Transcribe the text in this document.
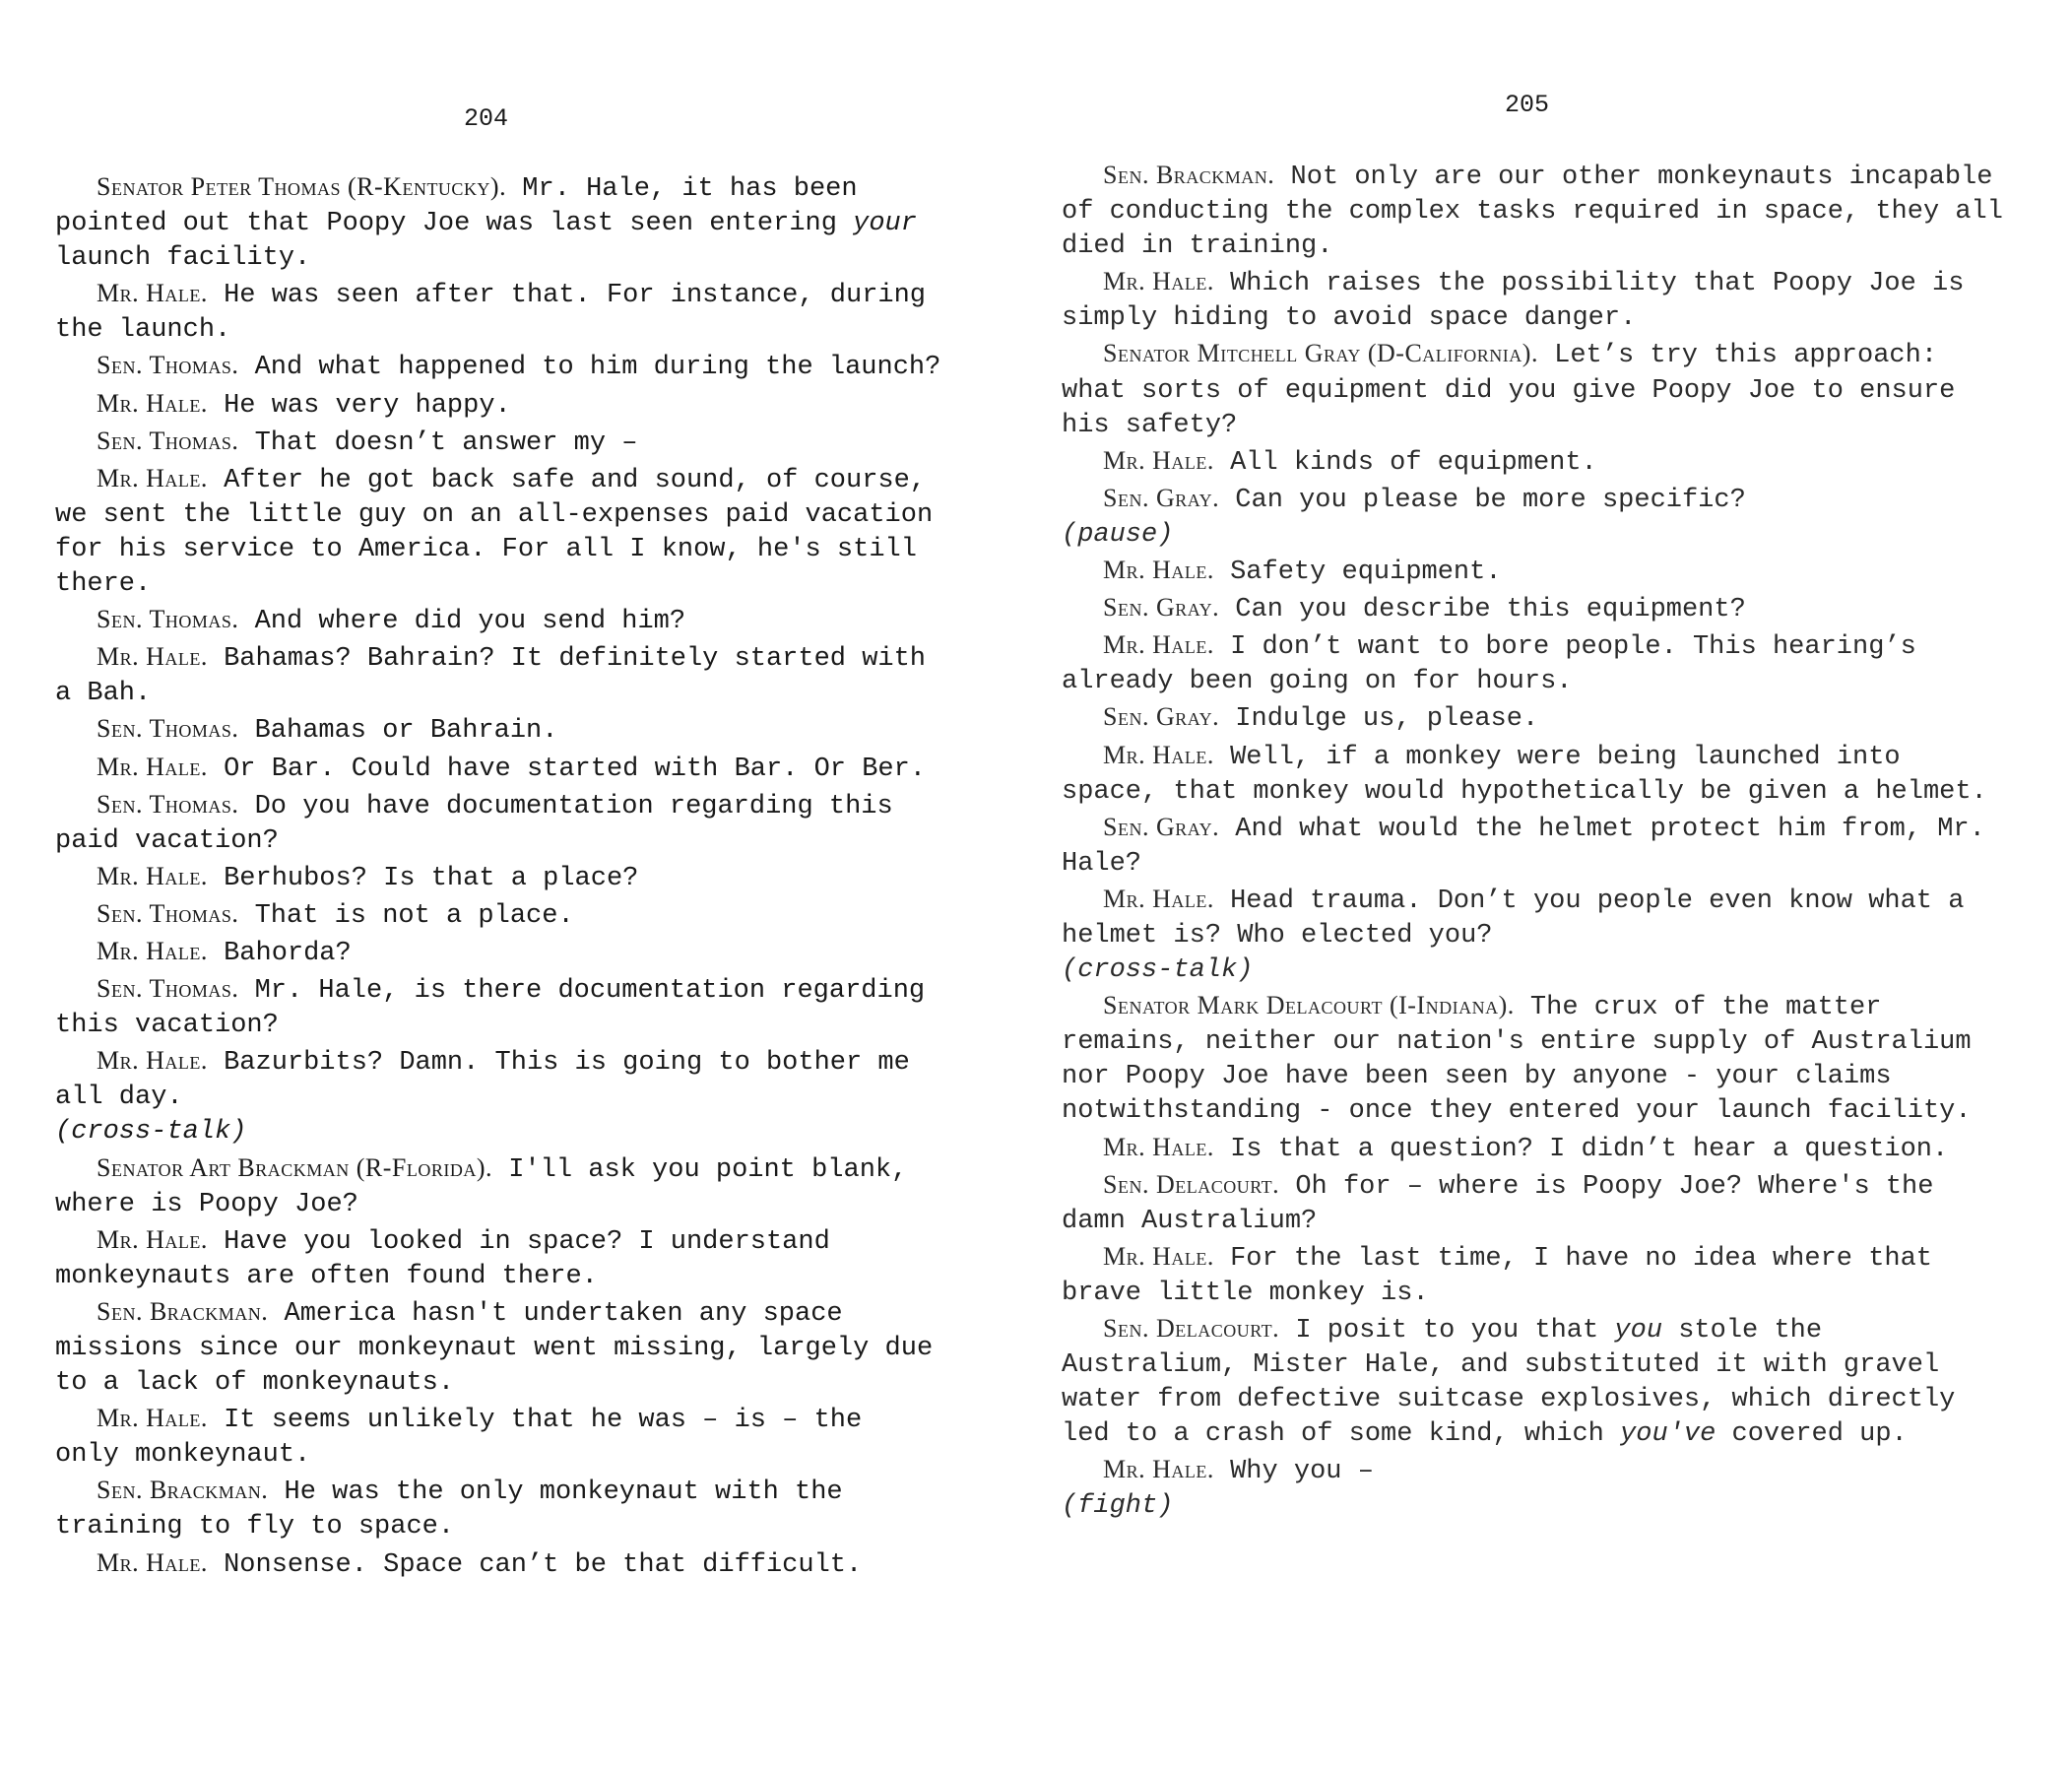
204

Senator Peter Thomas (R-Kentucky). Mr. Hale, it has been pointed out that Poopy Joe was last seen entering your launch facility.

Mr. Hale. He was seen after that. For instance, during the launch.

Sen. Thomas. And what happened to him during the launch?

Mr. Hale. He was very happy.

Sen. Thomas. That doesn’t answer my –

Mr. Hale. After he got back safe and sound, of course, we sent the little guy on an all-expenses paid vacation for his service to America. For all I know, he's still there.

Sen. Thomas. And where did you send him?

Mr. Hale. Bahamas? Bahrain? It definitely started with a Bah.

Sen. Thomas. Bahamas or Bahrain.

Mr. Hale. Or Bar. Could have started with Bar. Or Ber.

Sen. Thomas. Do you have documentation regarding this paid vacation?

Mr. Hale. Berhubos? Is that a place?

Sen. Thomas. That is not a place.

Mr. Hale. Bahorda?

Sen. Thomas. Mr. Hale, is there documentation regarding this vacation?

Mr. Hale. Bazurbits? Damn. This is going to bother me all day.

(cross-talk)

Senator Art Brackman (R-Florida). I'll ask you point blank, where is Poopy Joe?

Mr. Hale. Have you looked in space? I understand monkeynauts are often found there.

Sen. Brackman. America hasn't undertaken any space missions since our monkeynaut went missing, largely due to a lack of monkeynauts.

Mr. Hale. It seems unlikely that he was – is – the only monkeynaut.

Sen. Brackman. He was the only monkeynaut with the training to fly to space.

Mr. Hale. Nonsense. Space can’t be that difficult.

205

Sen. Brackman. Not only are our other monkeynauts incapable of conducting the complex tasks required in space, they all died in training.

Mr. Hale. Which raises the possibility that Poopy Joe is simply hiding to avoid space danger.

Senator Mitchell Gray (D-California). Let’s try this approach: what sorts of equipment did you give Poopy Joe to ensure his safety?

Mr. Hale. All kinds of equipment.

Sen. Gray. Can you please be more specific?

(pause)

Mr. Hale. Safety equipment.

Sen. Gray. Can you describe this equipment?

Mr. Hale. I don’t want to bore people. This hearing’s already been going on for hours.

Sen. Gray. Indulge us, please.

Mr. Hale. Well, if a monkey were being launched into space, that monkey would hypothetically be given a helmet.

Sen. Gray. And what would the helmet protect him from, Mr. Hale?

Mr. Hale. Head trauma. Don’t you people even know what a helmet is? Who elected you?

(cross-talk)

Senator Mark Delacourt (I-Indiana). The crux of the matter remains, neither our nation's entire supply of Australium nor Poopy Joe have been seen by anyone - your claims notwithstanding - once they entered your launch facility.

Mr. Hale. Is that a question? I didn’t hear a question.

Sen. Delacourt. Oh for – where is Poopy Joe? Where's the damn Australium?

Mr. Hale. For the last time, I have no idea where that brave little monkey is.

Sen. Delacourt. I posit to you that you stole the Australium, Mister Hale, and substituted it with gravel water from defective suitcase explosives, which directly led to a crash of some kind, which you've covered up.

Mr. Hale. Why you –

(fight)
